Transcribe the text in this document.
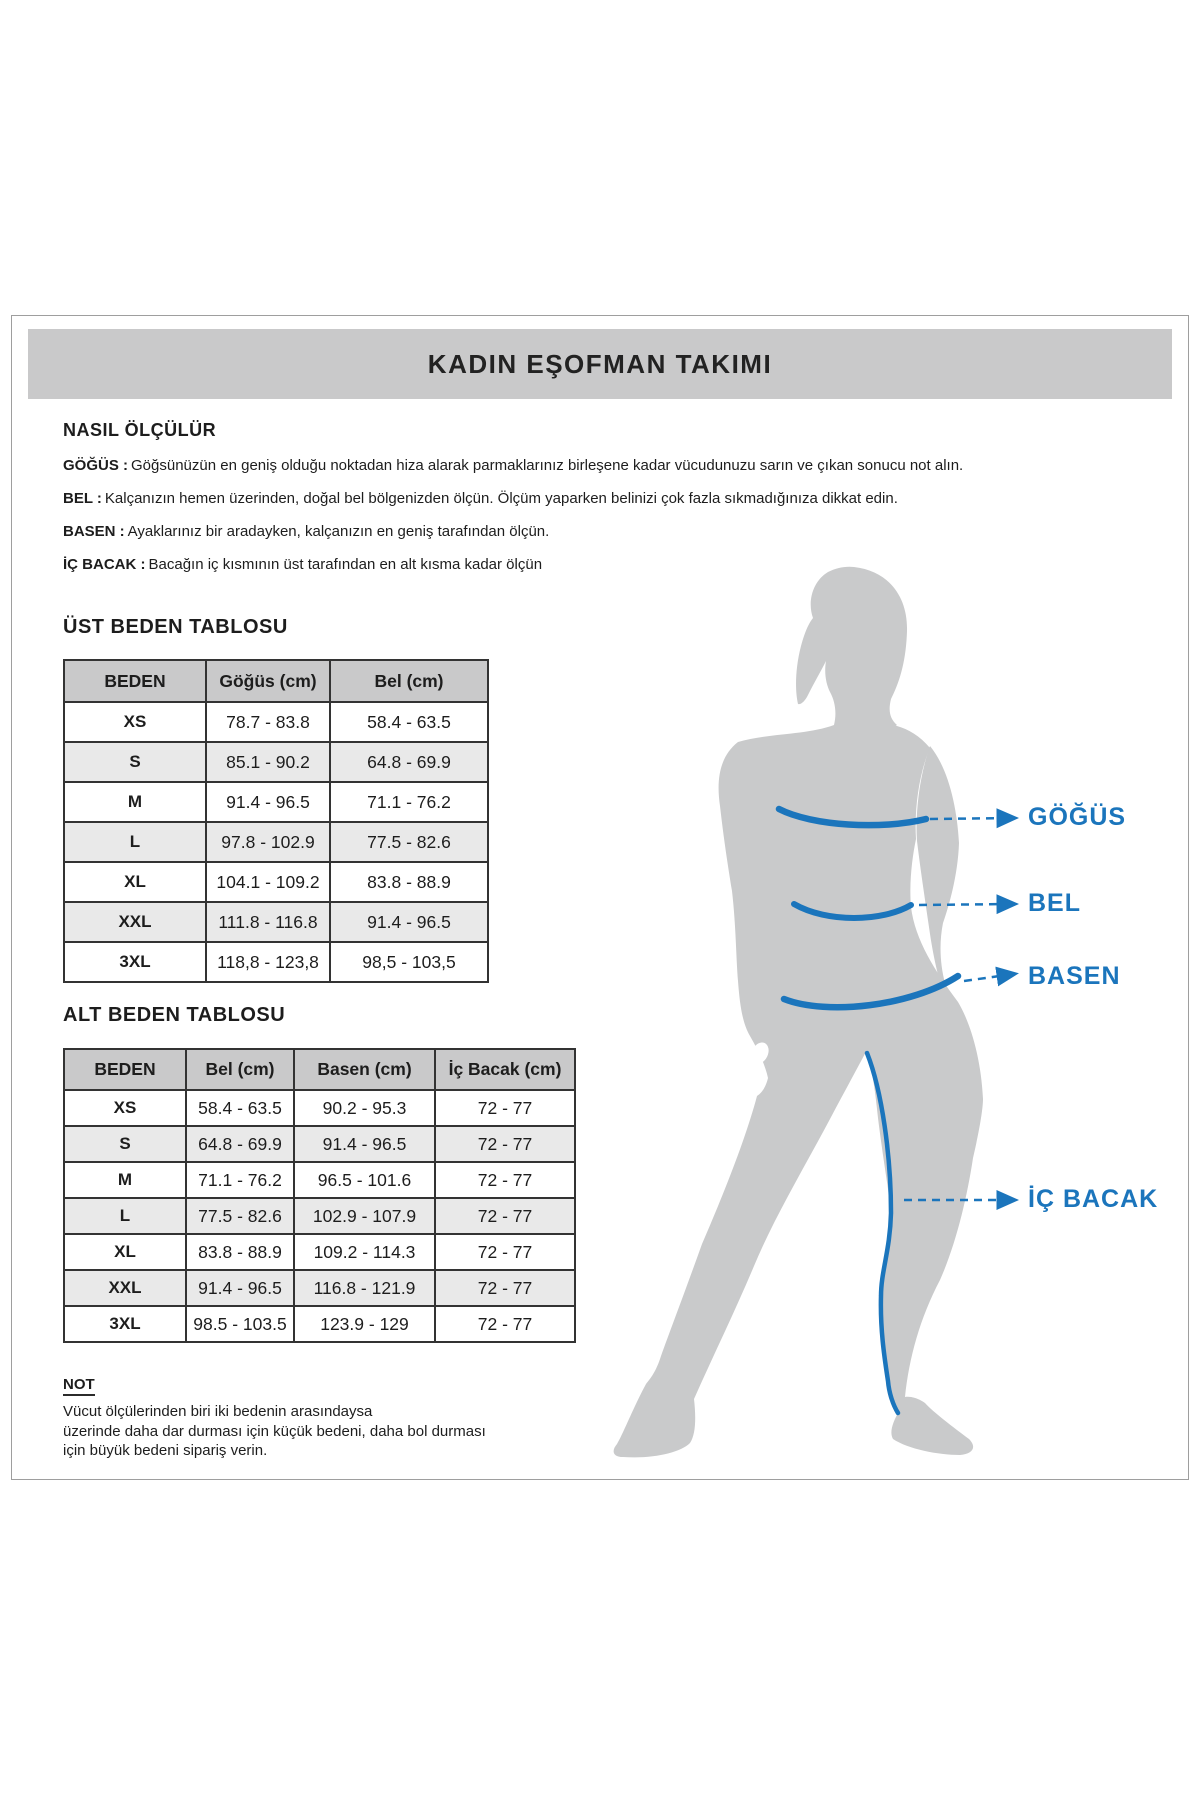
KADIN EŞOFMAN TAKIMI
NASIL ÖLÇÜLÜR
GÖĞÜS : Göğsünüzün en geniş olduğu noktadan hiza alarak parmaklarınız birleşene kadar vücudunuzu sarın ve çıkan sonucu not alın.
BEL : Kalçanızın hemen üzerinden, doğal bel bölgenizden ölçün. Ölçüm yaparken belinizi çok fazla sıkmadığınıza dikkat edin.
BASEN : Ayaklarınız bir aradayken, kalçanızın en geniş tarafından ölçün.
İÇ BACAK : Bacağın iç kısmının üst tarafından en alt kısma kadar ölçün
ÜST BEDEN TABLOSU
BEDEN	Göğüs (cm)	Bel (cm)
XS	78.7 - 83.8	58.4 - 63.5
S	85.1 - 90.2	64.8 - 69.9
M	91.4 - 96.5	71.1 - 76.2
L	97.8 - 102.9	77.5 - 82.6
XL	104.1 - 109.2	83.8 - 88.9
XXL	111.8 - 116.8	91.4 - 96.5
3XL	118,8 - 123,8	98,5 - 103,5
ALT BEDEN TABLOSU
BEDEN	Bel (cm)	Basen (cm)	İç Bacak (cm)
XS	58.4 - 63.5	90.2 - 95.3	72 - 77
S	64.8 - 69.9	91.4 - 96.5	72 - 77
M	71.1 - 76.2	96.5 - 101.6	72 - 77
L	77.5 - 82.6	102.9 - 107.9	72 - 77
XL	83.8 - 88.9	109.2 - 114.3	72 - 77
XXL	91.4 - 96.5	116.8 - 121.9	72 - 77
3XL	98.5 - 103.5	123.9 - 129	72 - 77
NOT
Vücut ölçülerinden biri iki bedenin arasındaysa
üzerinde daha dar durması için küçük bedeni, daha bol durması
için büyük bedeni sipariş verin.
GÖĞÜS
BEL
BASEN
İÇ BACAK
